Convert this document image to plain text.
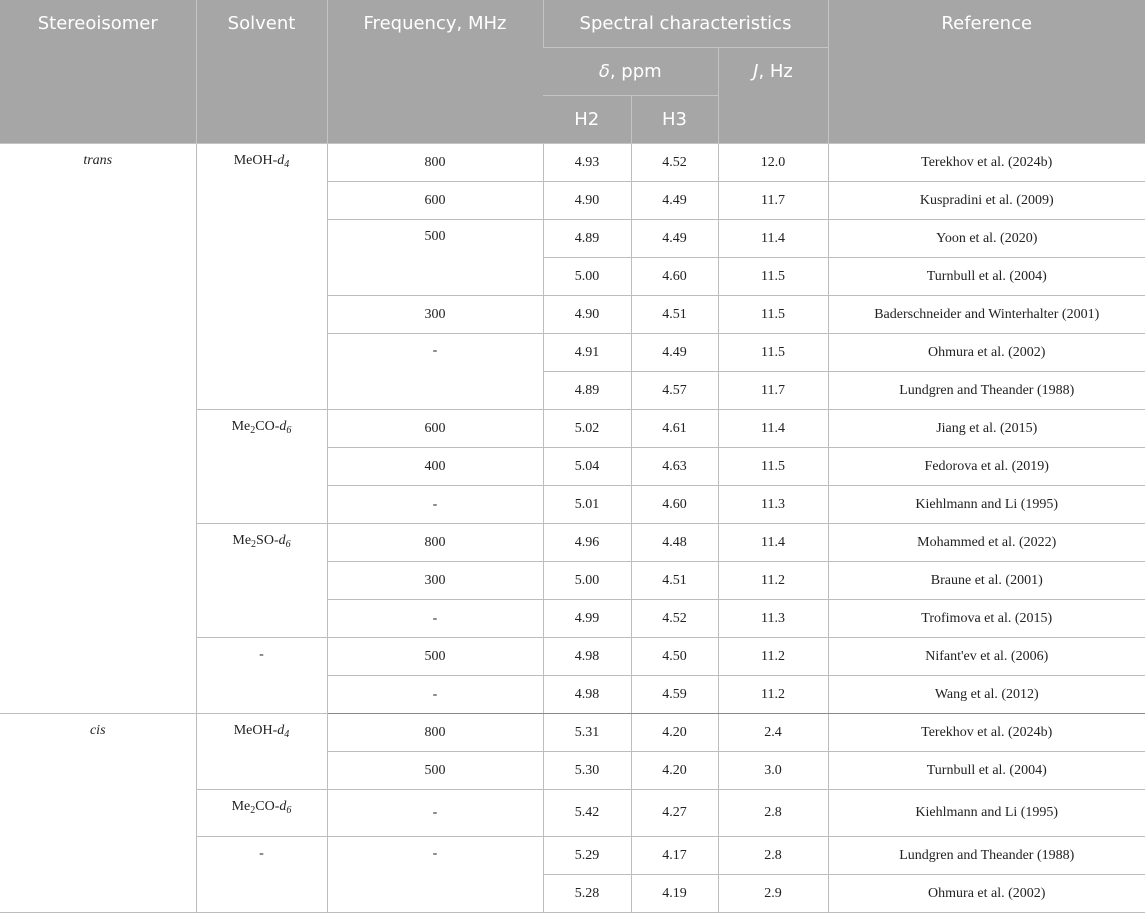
Stereoisomer	Solvent	Frequency, MHz	Spectral characteristics			Reference
			δ, ppm		J, Hz	
			H2	H3		
trans	MeOH-$d_4$	800	4.93	4.52	12.0	Terekhov et al. (2024b)
		600	4.90	4.49	11.7	Kuspradini et al. (2009)
		500	4.89	4.49	11.4	Yoon et al. (2020)
			5.00	4.60	11.5	Turnbull et al. (2004)
		300	4.90	4.51	11.5	Baderschneider and Winterhalter (2001)
		-	4.91	4.49	11.5	Ohmura et al. (2002)
			4.89	4.57	11.7	Lundgren and Theander (1988)
	$Me_2CO-d_6$	600	5.02	4.61	11.4	Jiang et al. (2015)
		400	5.04	4.63	11.5	Fedorova et al. (2019)
		-	5.01	4.60	11.3	Kiehlmann and Li (1995)
	$Me_2SO-d_6$	800	4.96	4.48	11.4	Mohammed et al. (2022)
		300	5.00	4.51	11.2	Braune et al. (2001)
		-	4.99	4.52	11.3	Trofimova et al. (2015)
	-	500	4.98	4.50	11.2	Nifant'ev et al. (2006)
		-	4.98	4.59	11.2	Wang et al. (2012)
cis	MeOH-$d_4$	800	5.31	4.20	2.4	Terekhov et al. (2024b)
		500	5.30	4.20	3.0	Turnbull et al. (2004)
	$Me_2CO-d_6$	-	5.42	4.27	2.8	Kiehlmann and Li (1995)
	-	-	5.29	4.17	2.8	Lundgren and Theander (1988)
			5.28	4.19	2.9	Ohmura et al. (2002)
